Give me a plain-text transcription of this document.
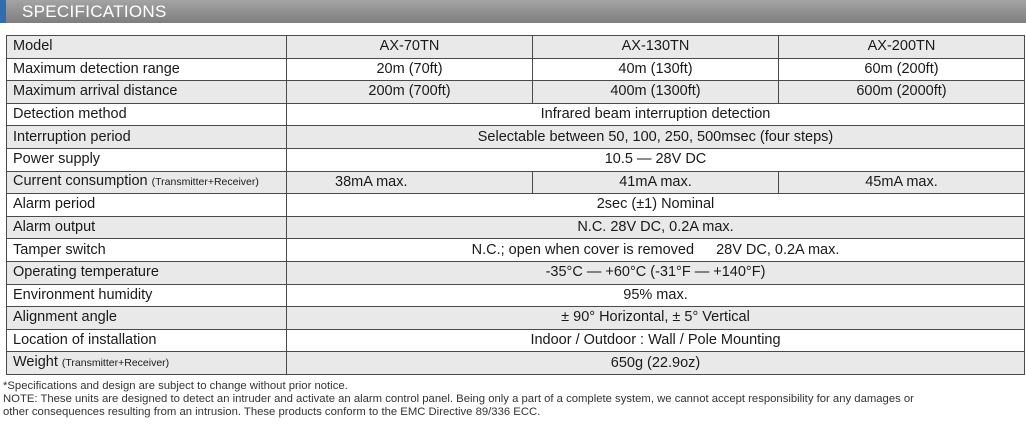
SPECIFICATIONS
Model	AX-70TN	AX-130TN	AX-200TN
Maximum detection range	20m (70ft)	40m (130ft)	60m (200ft)
Maximum arrival distance	200m (700ft)	400m (1300ft)	600m (2000ft)
Detection method	Infrared beam interruption detection		
Interruption period	Selectable between 50, 100, 250, 500msec (four steps)		
Power supply	10.5 — 28V DC		
Current consumption (Transmitter+Receiver)	38mA max.	41mA max.	45mA max.
Alarm period	2sec (±1) Nominal		
Alarm output	N.C. 28V DC, 0.2A max.		
Tamper switch	N.C.; open when cover is removed 28V DC, 0.2A max.		
Operating temperature	-35°C — +60°C (-31°F — +140°F)		
Environment humidity	95% max.		
Alignment angle	± 90° Horizontal, ± 5° Vertical		
Location of installation	Indoor / Outdoor : Wall / Pole Mounting		
Weight (Transmitter+Receiver)	650g (22.9oz)		
*Specifications and design are subject to change without prior notice.
NOTE: These units are designed to detect an intruder and activate an alarm control panel. Being only a part of a complete system, we cannot accept responsibility for any damages or
other consequences resulting from an intrusion. These products conform to the EMC Directive 89/336 ECC.
